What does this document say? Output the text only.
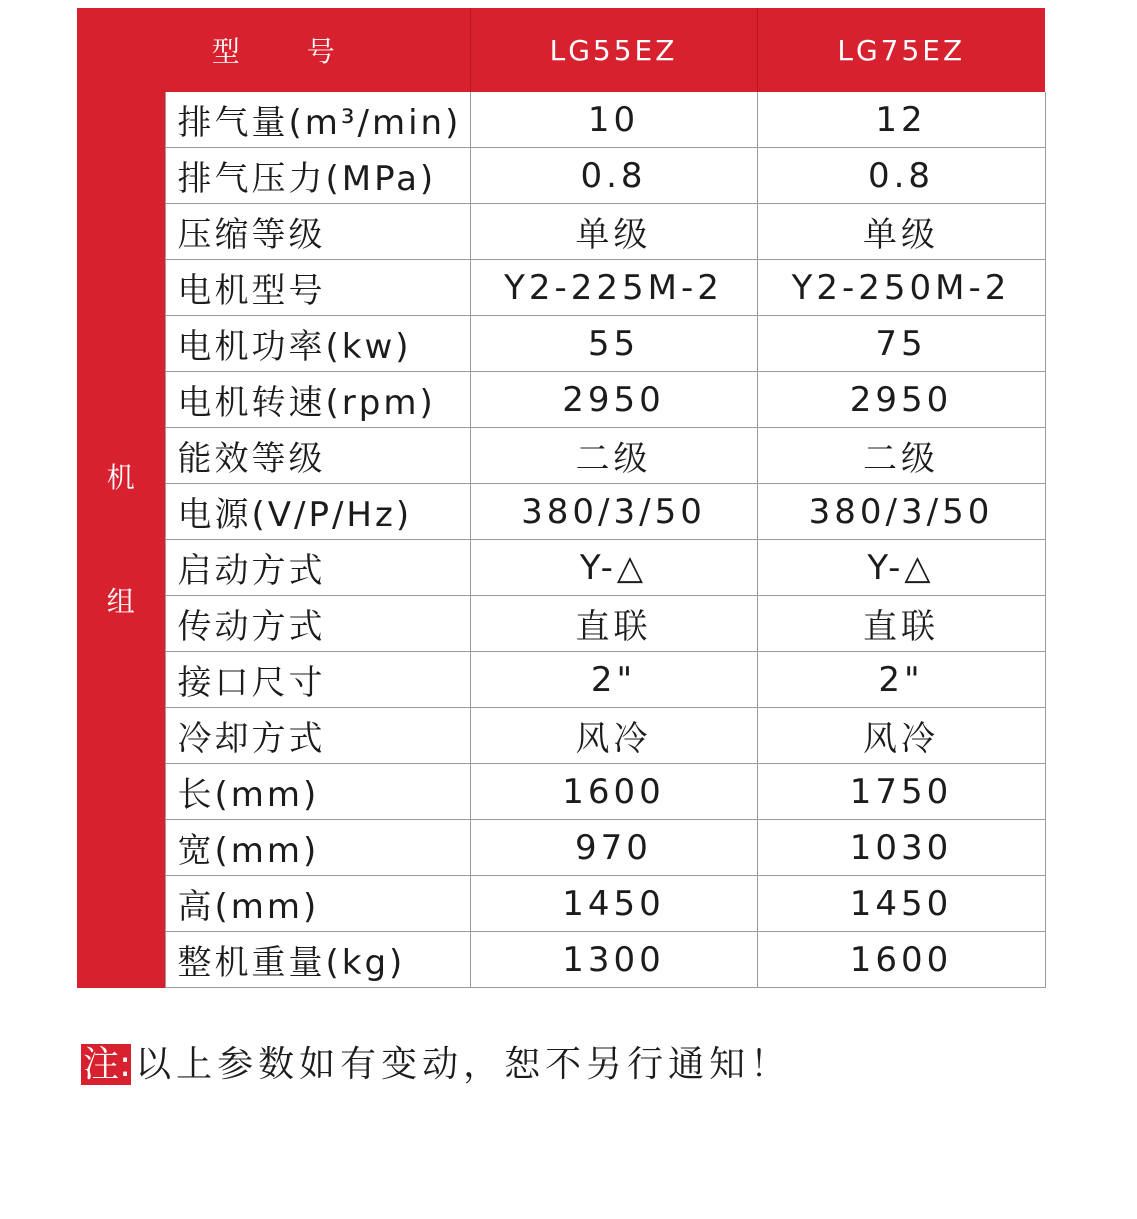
型 号		LG55EZ	LG75EZ

机
组	排气量(m³/min)	10	12
	排气压力(MPa)	0.8	0.8
	压缩等级	单级	单级
	电机型号	Y2-225M-2	Y2-250M-2
	电机功率(kw)	55	75
	电机转速(rpm)	2950	2950
	能效等级	二级	二级
	电源(V/P/Hz)	380/3/50	380/3/50
	启动方式	Y-△	Y-△
	传动方式	直联	直联
	接口尺寸	2"	2"
	冷却方式	风冷	风冷
	长(mm)	1600	1750
	宽(mm)	970	1030
	高(mm)	1450	1450
	整机重量(kg)	1300	1600
注: 以上参数如有变动，恕不另行通知！
